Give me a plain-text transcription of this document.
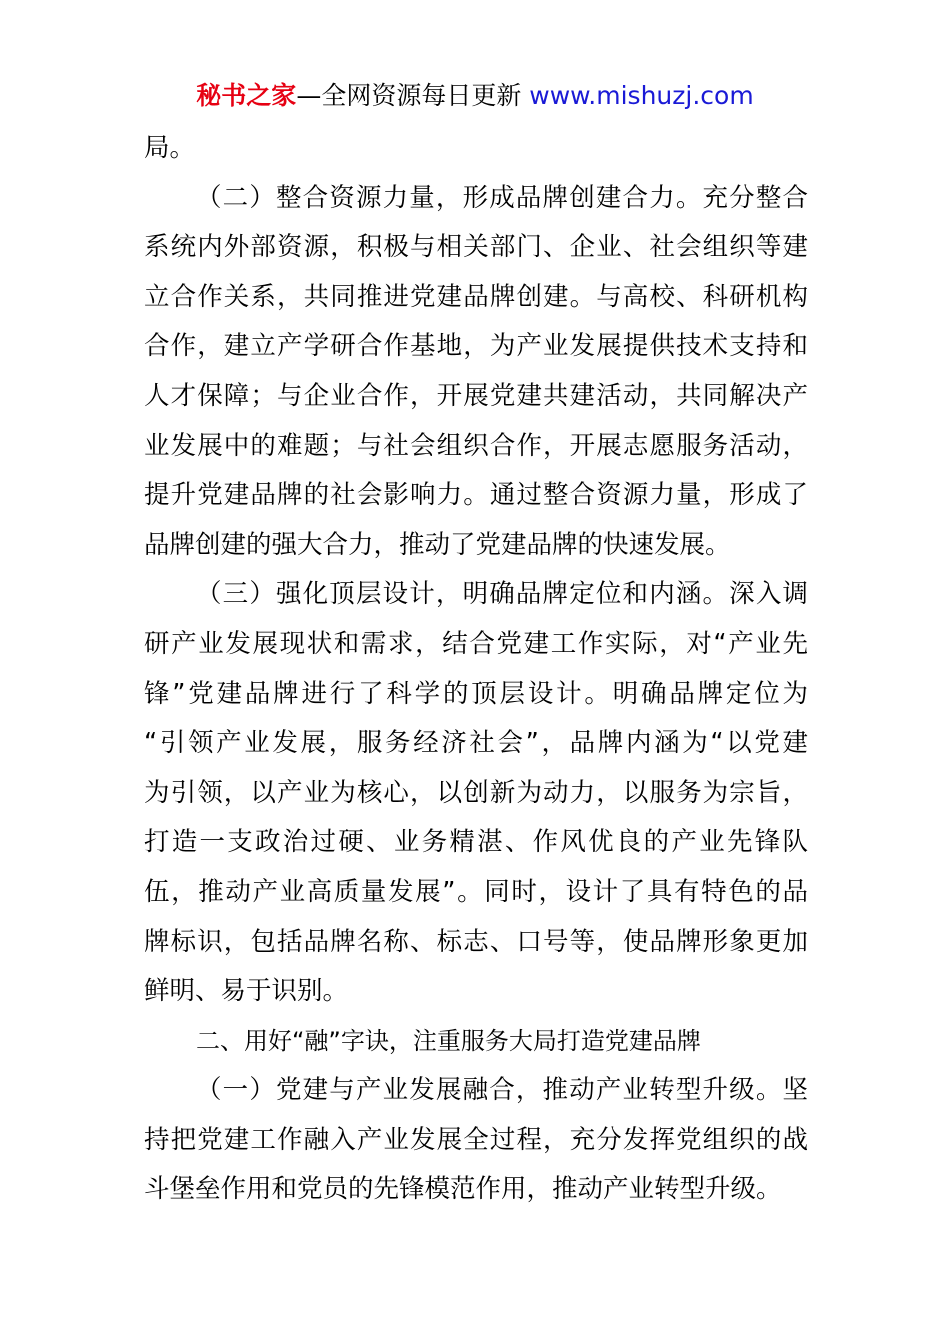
秘书之家—全网资源每日更新 www.mishuzj.com
局。
（二）整合资源力量，形成品牌创建合力。充分整合
系统内外部资源，积极与相关部门、企业、社会组织等建
立合作关系，共同推进党建品牌创建。与高校、科研机构
合作，建立产学研合作基地，为产业发展提供技术支持和
人才保障；与企业合作，开展党建共建活动，共同解决产
业发展中的难题；与社会组织合作，开展志愿服务活动，
提升党建品牌的社会影响力。通过整合资源力量，形成了
品牌创建的强大合力，推动了党建品牌的快速发展。
（三）强化顶层设计，明确品牌定位和内涵。深入调
研产业发展现状和需求，结合党建工作实际，对“产业先
锋”党建品牌进行了科学的顶层设计。明确品牌定位为
“引领产业发展，服务经济社会”，品牌内涵为“以党建
为引领，以产业为核心，以创新为动力，以服务为宗旨，
打造一支政治过硬、业务精湛、作风优良的产业先锋队
伍，推动产业高质量发展”。同时，设计了具有特色的品
牌标识，包括品牌名称、标志、口号等，使品牌形象更加
鲜明、易于识别。
二、用好“融”字诀，注重服务大局打造党建品牌
（一）党建与产业发展融合，推动产业转型升级。坚
持把党建工作融入产业发展全过程，充分发挥党组织的战
斗堡垒作用和党员的先锋模范作用，推动产业转型升级。
